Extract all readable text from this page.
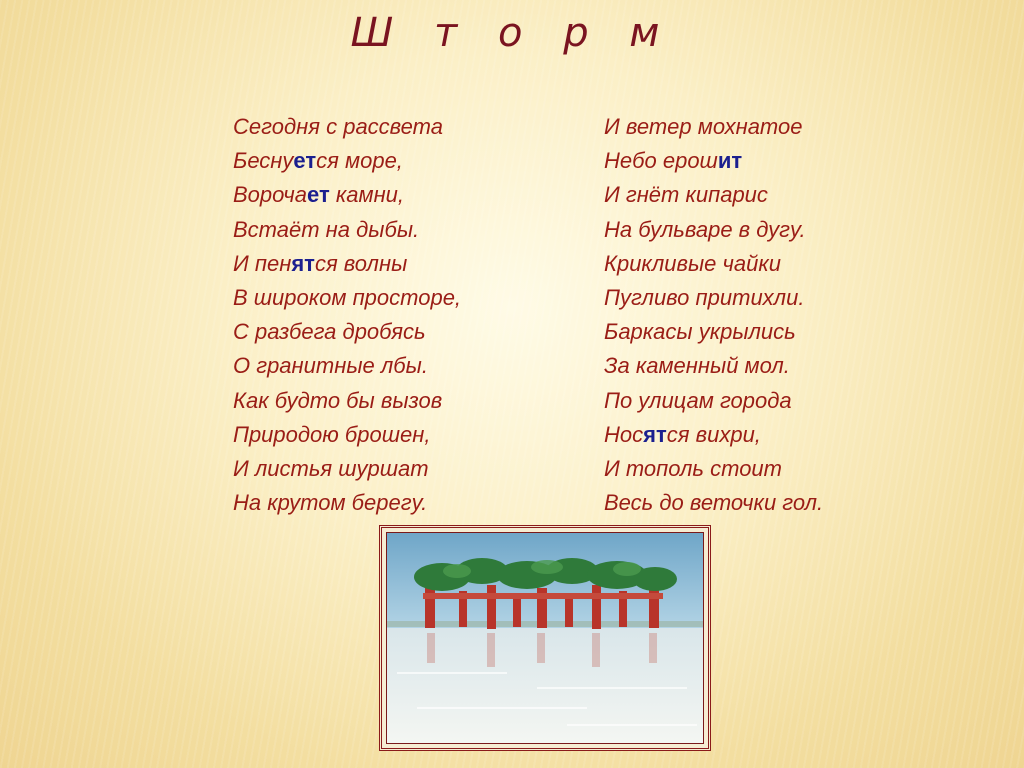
Ш т о р м
Сегодня с рассвета
Беснуется море,
Ворочает камни,
Встаёт на дыбы.
И пенятся волны
В широком просторе,
С разбега дробясь
О гранитные лбы.
Как будто бы вызов
Природою брошен,
И листья шуршат
На крутом берегу.
И ветер мохнатое
Небо ерошит
И гнёт кипарис
На бульваре в дугу.
Крикливые чайки
Пугливо притихли.
Баркасы укрылись
За каменный мол.
По улицам города
Носятся вихри,
И тополь стоит
Весь до веточки гол.
